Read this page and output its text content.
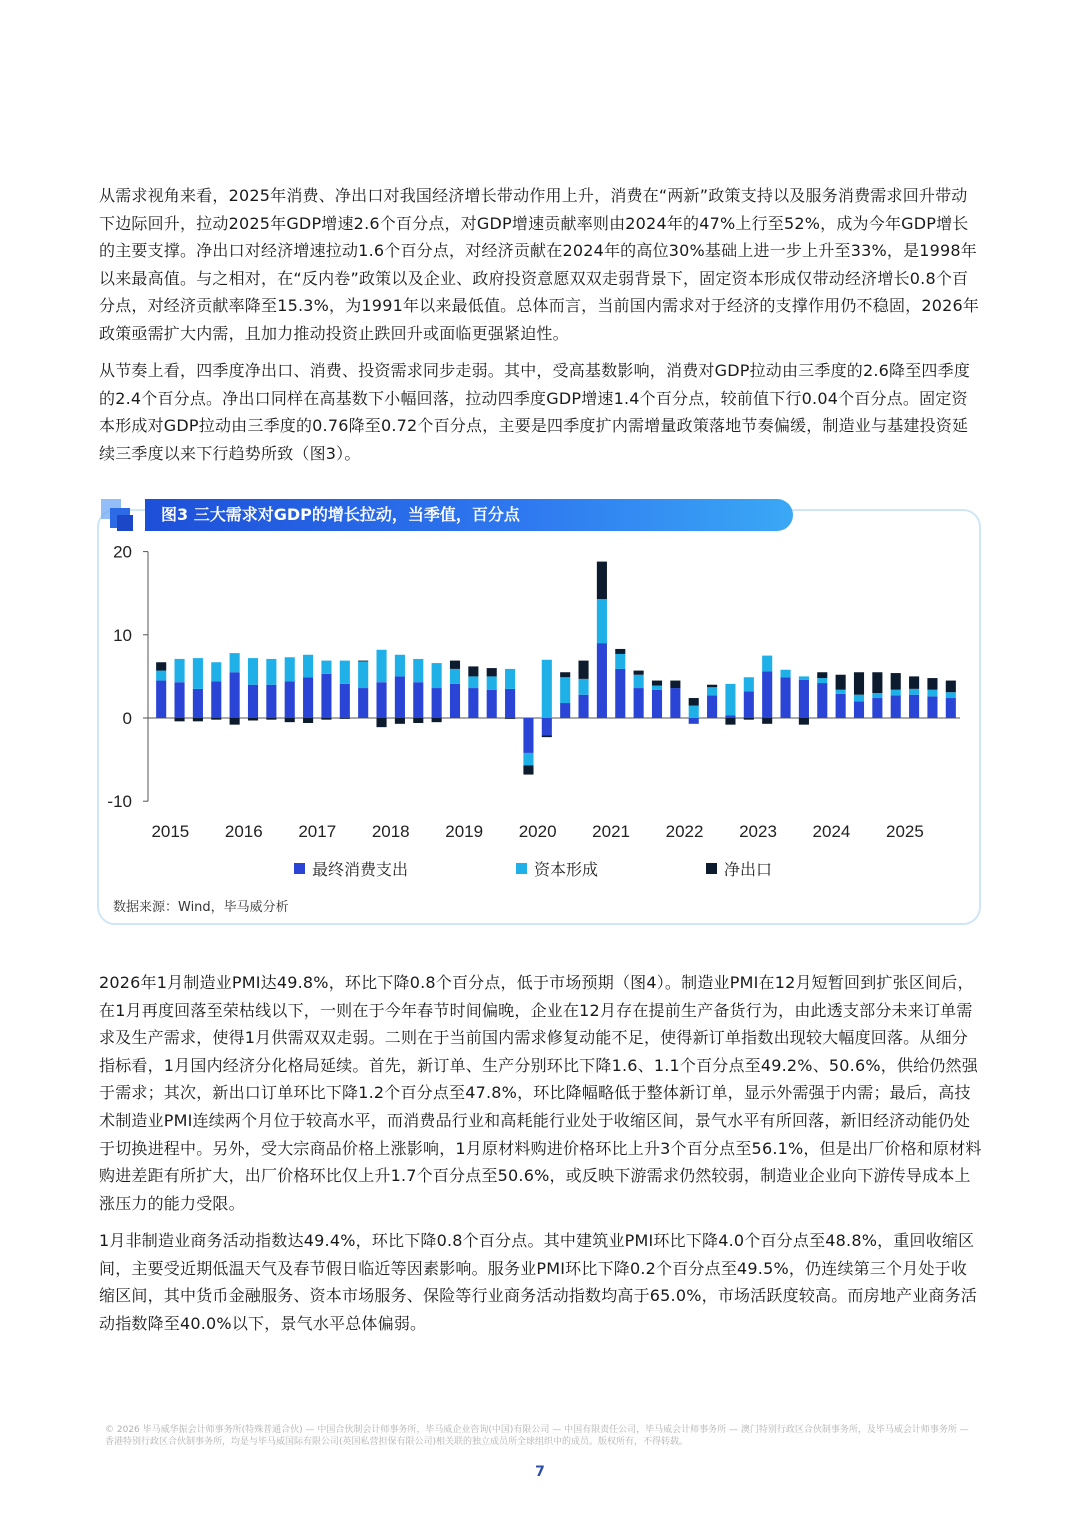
从需求视角来看，2025年消费、净出口对我国经济增长带动作用上升，消费在“两新”政策支持以及服务消费需求回升带动下边际回升，拉动2025年GDP增速2.6个百分点，对GDP增速贡献率则由2024年的47%上行至52%，成为今年GDP增长的主要支撑。净出口对经济增速拉动1.6个百分点，对经济贡献在2024年的高位30%基础上进一步上升至33%，是1998年以来最高值。与之相对，在“反内卷”政策以及企业、政府投资意愿双双走弱背景下，固定资本形成仅带动经济增长0.8个百分点，对经济贡献率降至15.3%，为1991年以来最低值。总体而言，当前国内需求对于经济的支撑作用仍不稳固，2026年政策亟需扩大内需，且加力推动投资止跌回升或面临更强紧迫性。

从节奏上看，四季度净出口、消费、投资需求同步走弱。其中，受高基数影响，消费对GDP拉动由三季度的2.6降至四季度的2.4个百分点。净出口同样在高基数下小幅回落，拉动四季度GDP增速1.4个百分点，较前值下行0.04个百分点。固定资本形成对GDP拉动由三季度的0.76降至0.72个百分点，主要是四季度扩内需增量政策落地节奏偏缓，制造业与基建投资延续三季度以来下行趋势所致（图3）。

图3 三大需求对GDP的增长拉动，当季值，百分点
20
10
0
-10
2015 2016 2017 2018 2019 2020 2021 2022 2023 2024 2025
最终消费支出	资本形成	净出口
数据来源：Wind，毕马威分析

2026年1月制造业PMI达49.8%，环比下降0.8个百分点，低于市场预期（图4）。制造业PMI在12月短暂回到扩张区间后，在1月再度回落至荣枯线以下，一则在于今年春节时间偏晚，企业在12月存在提前生产备货行为，由此透支部分未来订单需求及生产需求，使得1月供需双双走弱。二则在于当前国内需求修复动能不足，使得新订单指数出现较大幅度回落。从细分指标看，1月国内经济分化格局延续。首先，新订单、生产分别环比下降1.6、1.1个百分点至49.2%、50.6%，供给仍然强于需求；其次，新出口订单环比下降1.2个百分点至47.8%，环比降幅略低于整体新订单，显示外需强于内需；最后，高技术制造业PMI连续两个月位于较高水平，而消费品行业和高耗能行业处于收缩区间，景气水平有所回落，新旧经济动能仍处于切换进程中。另外，受大宗商品价格上涨影响，1月原材料购进价格环比上升3个百分点至56.1%，但是出厂价格和原材料购进差距有所扩大，出厂价格环比仅上升1.7个百分点至50.6%，或反映下游需求仍然较弱，制造业企业向下游传导成本上涨压力的能力受限。

1月非制造业商务活动指数达49.4%，环比下降0.8个百分点。其中建筑业PMI环比下降4.0个百分点至48.8%，重回收缩区间，主要受近期低温天气及春节假日临近等因素影响。服务业PMI环比下降0.2个百分点至49.5%，仍连续第三个月处于收缩区间，其中货币金融服务、资本市场服务、保险等行业商务活动指数均高于65.0%，市场活跃度较高。而房地产业商务活动指数降至40.0%以下，景气水平总体偏弱。

© 2026 毕马威华振会计师事务所(特殊普通合伙) — 中国合伙制会计师事务所，毕马威企业咨询(中国)有限公司 — 中国有限责任公司，毕马威会计师事务所 — 澳门特别行政区合伙制事务所，及毕马威会计师事务所 — 香港特别行政区合伙制事务所，均是与毕马威国际有限公司(英国私营担保有限公司)相关联的独立成员所全球组织中的成员。版权所有，不得转载。

7
